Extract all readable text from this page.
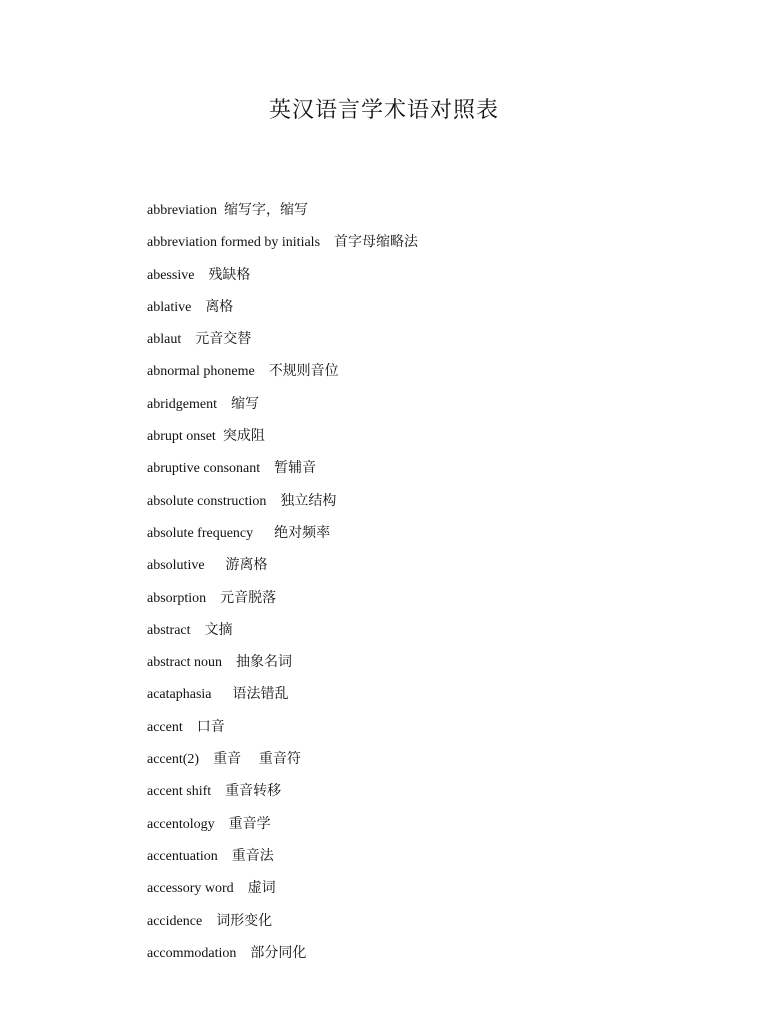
英汉语言学术语对照表
abbreviation 缩写字，缩写
abbreviation formed by initials 首字母缩略法
abessive 残缺格
ablative 离格
ablaut 元音交替
abnormal phoneme 不规则音位
abridgement 缩写
abrupt onset 突成阻
abruptive consonant 暂辅音
absolute construction 独立结构
absolute frequency 绝对频率
absolutive 游离格
absorption 元音脱落
abstract 文摘
abstract noun 抽象名词
acataphasia 语法错乱
accent 口音
accent(2) 重音    重音符
accent shift 重音转移
accentology 重音学
accentuation 重音法
accessory word 虚词
accidence 词形变化
accommodation 部分同化
